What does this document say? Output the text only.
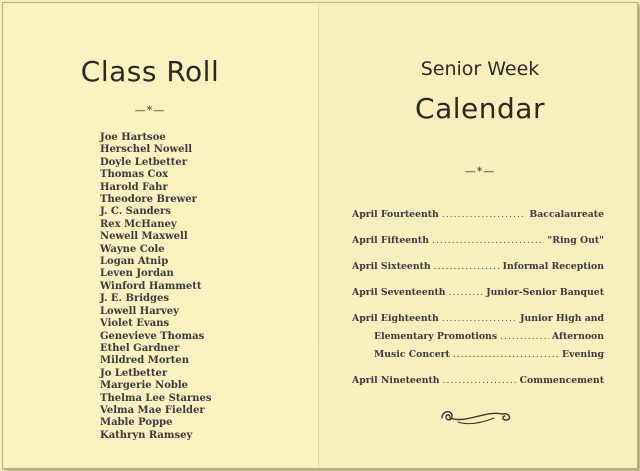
Class Roll
—*—
Joe Hartsoe
Herschel Nowell
Doyle Letbetter
Thomas Cox
Harold Fahr
Theodore Brewer
J. C. Sanders
Rex McHaney
Newell Maxwell
Wayne Cole
Logan Atnip
Leven Jordan
Winford Hammett
J. E. Bridges
Lowell Harvey
Violet Evans
Genevieve Thomas
Ethel Gardner
Mildred Morten
Jo Letbetter
Margerie Noble
Thelma Lee Starnes
Velma Mae Fielder
Mable Poppe
Kathryn Ramsey
Senior Week
Calendar
—*—
April Fourteenth .....	Baccalaureate
April Fifteenth .....	"Ring Out"
April Sixteenth .....	Informal Reception
April Seventeenth .....	Junior-Senior Banquet
April Eighteenth .....	Junior High and
Elementary Promotions .....	Afternoon
Music Concert .....	Evening
April Nineteenth .....	Commencement
